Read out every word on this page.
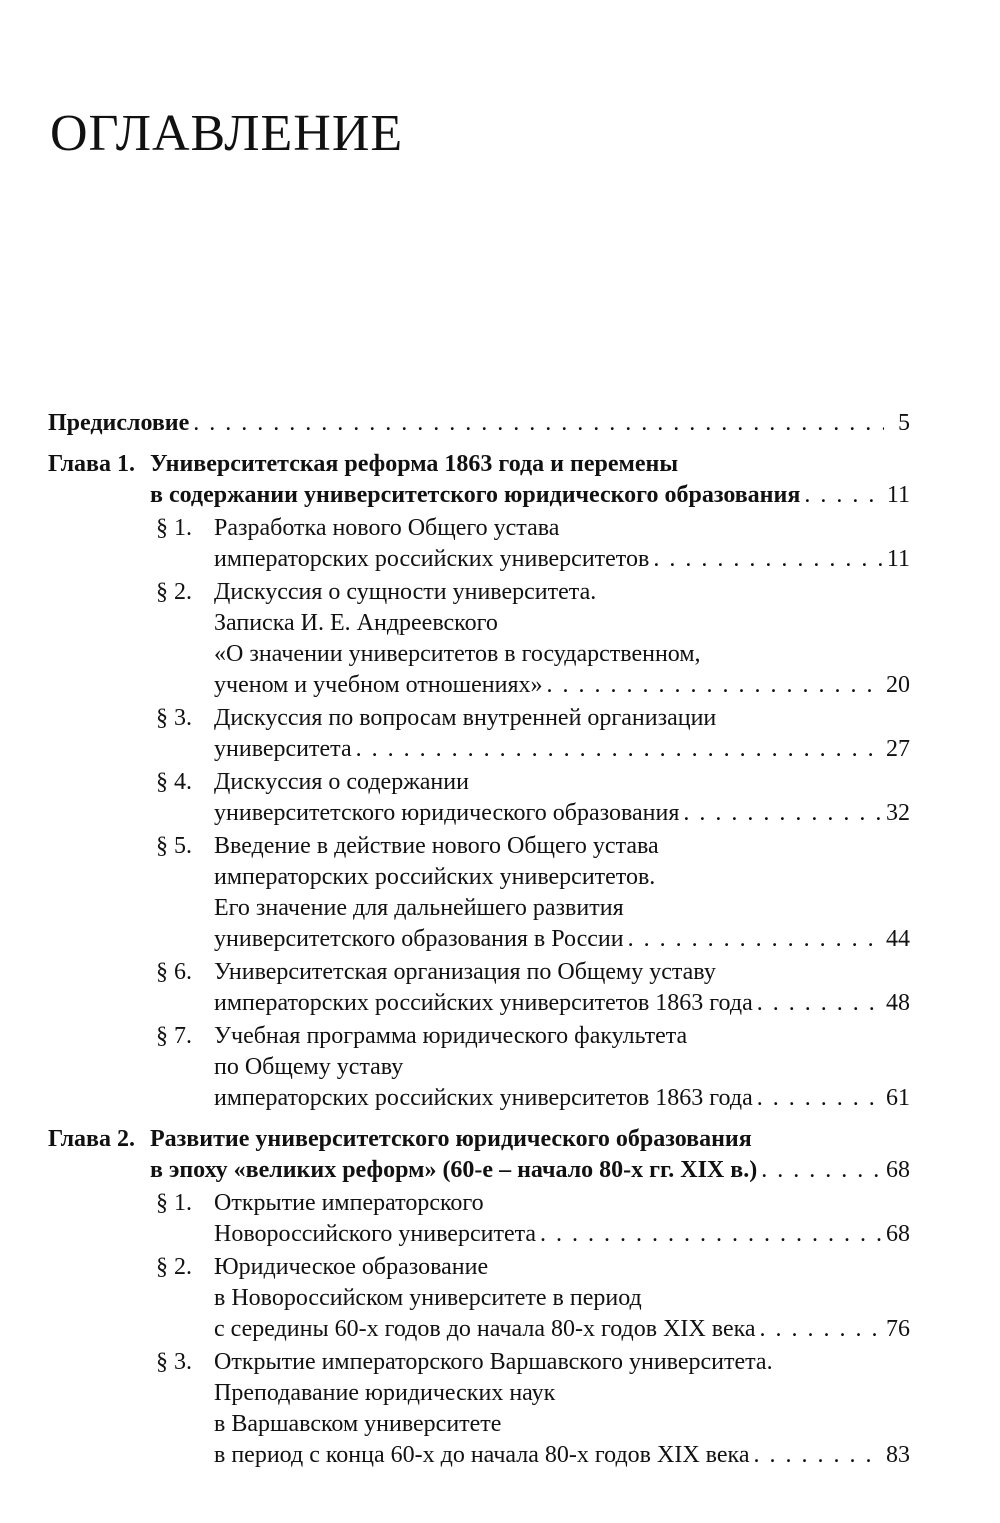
ОГЛАВЛЕНИЕ
Предисловие . . .	5
Глава 1. Университетская реформа 1863 года и перемены
в содержании университетского юридического образования . . .	11
§ 1. Разработка нового Общего устава
императорских российских университетов . . .	11
§ 2. Дискуссия о сущности университета.
Записка И. Е. Андреевского
«О значении университетов в государственном,
ученом и учебном отношениях» . . .	20
§ 3. Дискуссия по вопросам внутренней организации
университета . . .	27
§ 4. Дискуссия о содержании
университетского юридического образования . . .	32
§ 5. Введение в действие нового Общего устава
императорских российских университетов.
Его значение для дальнейшего развития
университетского образования в России . . .	44
§ 6. Университетская организация по Общему уставу
императорских российских университетов 1863 года . . .	48
§ 7. Учебная программа юридического факультета
по Общему уставу
императорских российских университетов 1863 года . . .	61
Глава 2. Развитие университетского юридического образования
в эпоху «великих реформ» (60-е – начало 80-х гг. XIX в.) . . .	68
§ 1. Открытие императорского
Новороссийского университета . . .	68
§ 2. Юридическое образование
в Новороссийском университете в период
с середины 60-х годов до начала 80-х годов XIX века . . .	76
§ 3. Открытие императорского Варшавского университета.
Преподавание юридических наук
в Варшавском университете
в период с конца 60-х до начала 80-х годов XIX века . . .	83
